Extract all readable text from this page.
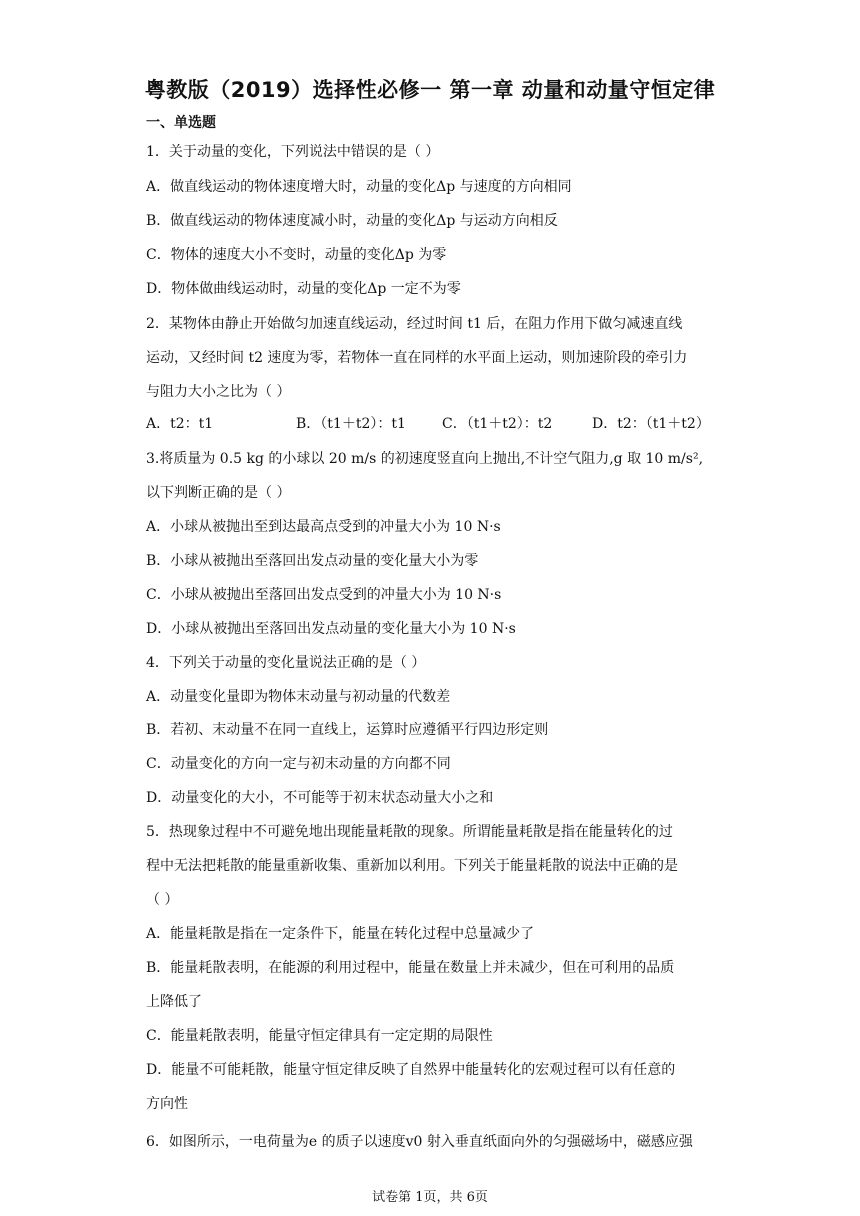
粤教版（2019）选择性必修一 第一章 动量和动量守恒定律
一、单选题
1．关于动量的变化，下列说法中错误的是（ ）
A．做直线运动的物体速度增大时，动量的变化Δp 与速度的方向相同
B．做直线运动的物体速度减小时，动量的变化Δp 与运动方向相反
C．物体的速度大小不变时，动量的变化Δp 为零
D．物体做曲线运动时，动量的变化Δp 一定不为零
2．某物体由静止开始做匀加速直线运动，经过时间 t1 后，在阻力作用下做匀减速直线
运动，又经时间 t2 速度为零，若物体一直在同样的水平面上运动，则加速阶段的牵引力
与阻力大小之比为（ ）
A．t2：t1	B．（t1＋t2）：t1	C．（t1＋t2）：t2	D．t2：（t1＋t2）
3.将质量为 0.5 kg 的小球以 20 m/s 的初速度竖直向上抛出,不计空气阻力,g 取 10 m/s²,
以下判断正确的是（ ）
A．小球从被抛出至到达最高点受到的冲量大小为 10 N·s
B．小球从被抛出至落回出发点动量的变化量大小为零
C．小球从被抛出至落回出发点受到的冲量大小为 10 N·s
D．小球从被抛出至落回出发点动量的变化量大小为 10 N·s
4．下列关于动量的变化量说法正确的是（ ）
A．动量变化量即为物体末动量与初动量的代数差
B．若初、末动量不在同一直线上，运算时应遵循平行四边形定则
C．动量变化的方向一定与初末动量的方向都不同
D．动量变化的大小，不可能等于初末状态动量大小之和
5．热现象过程中不可避免地出现能量耗散的现象。所谓能量耗散是指在能量转化的过
程中无法把耗散的能量重新收集、重新加以利用。下列关于能量耗散的说法中正确的是
（ ）
A．能量耗散是指在一定条件下，能量在转化过程中总量减少了
B．能量耗散表明，在能源的利用过程中，能量在数量上并未减少，但在可利用的品质
上降低了
C．能量耗散表明，能量守恒定律具有一定定期的局限性
D．能量不可能耗散，能量守恒定律反映了自然界中能量转化的宏观过程可以有任意的
方向性
6．如图所示，一电荷量为e 的质子以速度v0 射入垂直纸面向外的匀强磁场中，磁感应强
试卷第 1页，共 6页
